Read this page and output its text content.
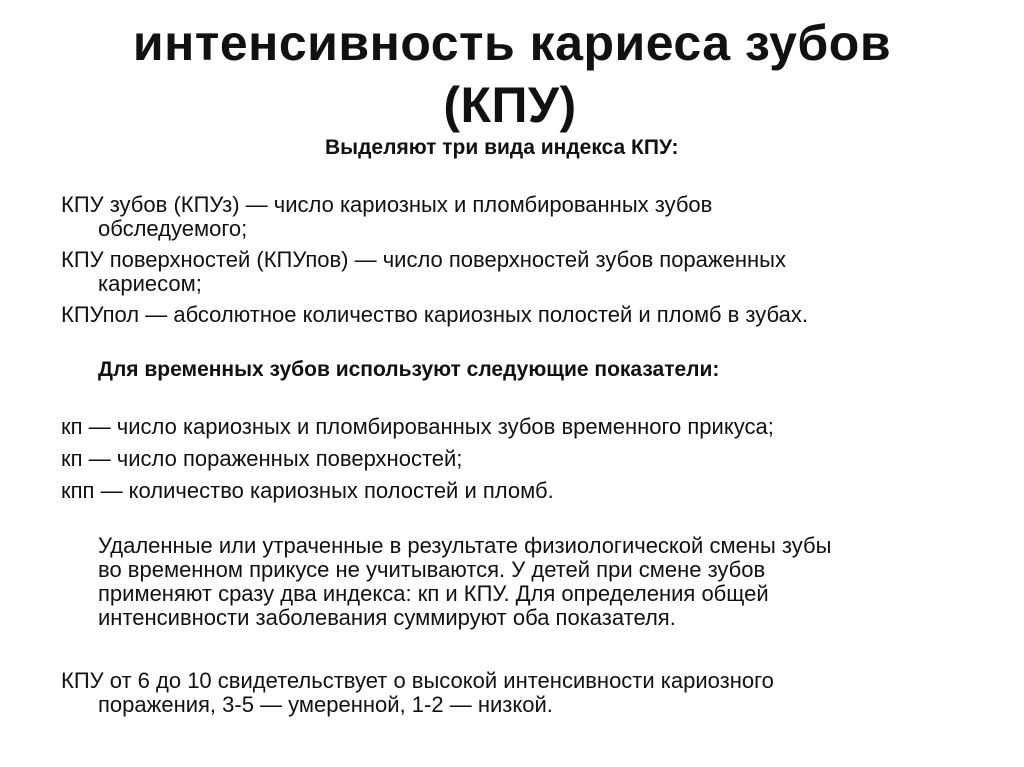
интенсивность кариеса зубов
(КПУ)
Выделяют три вида индекса КПУ:
КПУ зубов (КПУз) — число кариозных и пломбированных зубов
обследуемого;
КПУ поверхностей (КПУпов) — число поверхностей зубов пораженных
кариесом;
КПУпол — абсолютное количество кариозных полостей и пломб в зубах.
Для временных зубов используют следующие показатели:
кп — число кариозных и пломбированных зубов временного прикуса;
кп — число пораженных поверхностей;
кпп — количество кариозных полостей и пломб.
Удаленные или утраченные в результате физиологической смены зубы
во временном прикусе не учитываются. У детей при смене зубов
применяют сразу два индекса: кп и КПУ. Для определения общей
интенсивности заболевания суммируют оба показателя.
КПУ от 6 до 10 свидетельствует о высокой интенсивности кариозного
поражения, 3-5 — умеренной, 1-2 — низкой.
